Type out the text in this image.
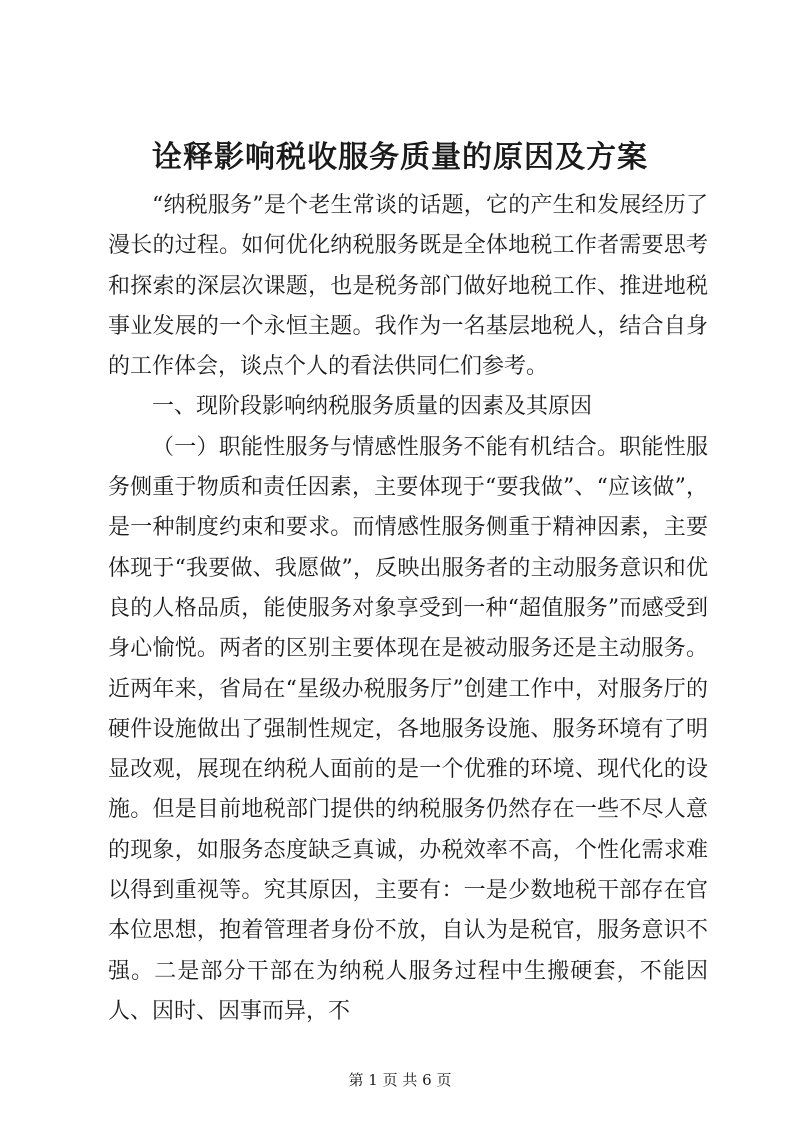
诠释影响税收服务质量的原因及方案

“纳税服务”是个老生常谈的话题，它的产生和发展经历了漫长的过程。如何优化纳税服务既是全体地税工作者需要思考和探索的深层次课题，也是税务部门做好地税工作、推进地税事业发展的一个永恒主题。我作为一名基层地税人，结合自身的工作体会，谈点个人的看法供同仁们参考。

一、现阶段影响纳税服务质量的因素及其原因

（一）职能性服务与情感性服务不能有机结合。职能性服务侧重于物质和责任因素，主要体现于“要我做”、“应该做”，是一种制度约束和要求。而情感性服务侧重于精神因素，主要体现于“我要做、我愿做”，反映出服务者的主动服务意识和优良的人格品质，能使服务对象享受到一种“超值服务”而感受到身心愉悦。两者的区别主要体现在是被动服务还是主动服务。近两年来，省局在“星级办税服务厅”创建工作中，对服务厅的硬件设施做出了强制性规定，各地服务设施、服务环境有了明显改观，展现在纳税人面前的是一个优雅的环境、现代化的设施。但是目前地税部门提供的纳税服务仍然存在一些不尽人意的现象，如服务态度缺乏真诚，办税效率不高，个性化需求难以得到重视等。究其原因，主要有：一是少数地税干部存在官本位思想，抱着管理者身份不放，自认为是税官，服务意识不强。二是部分干部在为纳税人服务过程中生搬硬套，不能因人、因时、因事而异，不

第 1 页 共 6 页
